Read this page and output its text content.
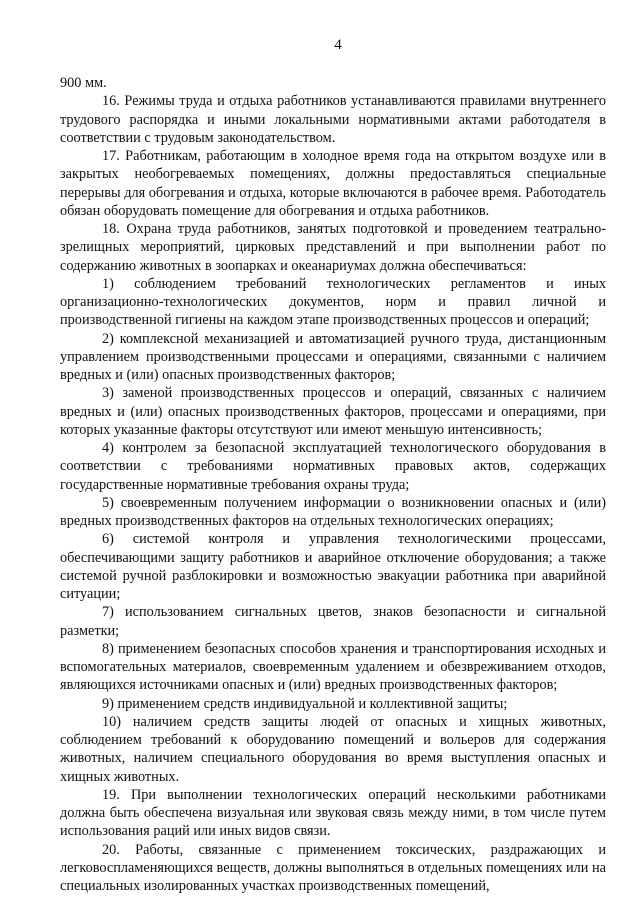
4

900 мм.

16. Режимы труда и отдыха работников устанавливаются правилами внутреннего трудового распорядка и иными локальными нормативными актами работодателя в соответствии с трудовым законодательством.

17. Работникам, работающим в холодное время года на открытом воздухе или в закрытых необогреваемых помещениях, должны предоставляться специальные перерывы для обогревания и отдыха, которые включаются в рабочее время. Работодатель обязан оборудовать помещение для обогревания и отдыха работников.

18. Охрана труда работников, занятых подготовкой и проведением театрально-зрелищных мероприятий, цирковых представлений и при выполнении работ по содержанию животных в зоопарках и океанариумах должна обеспечиваться:

1) соблюдением требований технологических регламентов и иных организационно-технологических документов, норм и правил личной и производственной гигиены на каждом этапе производственных процессов и операций;

2) комплексной механизацией и автоматизацией ручного труда, дистанционным управлением производственными процессами и операциями, связанными с наличием вредных и (или) опасных производственных факторов;

3) заменой производственных процессов и операций, связанных с наличием вредных и (или) опасных производственных факторов, процессами и операциями, при которых указанные факторы отсутствуют или имеют меньшую интенсивность;

4) контролем за безопасной эксплуатацией технологического оборудования в соответствии с требованиями нормативных правовых актов, содержащих государственные нормативные требования охраны труда;

5) своевременным получением информации о возникновении опасных и (или) вредных производственных факторов на отдельных технологических операциях;

6) системой контроля и управления технологическими процессами, обеспечивающими защиту работников и аварийное отключение оборудования; а также системой ручной разблокировки и возможностью эвакуации работника при аварийной ситуации;

7) использованием сигнальных цветов, знаков безопасности и сигнальной разметки;

8) применением безопасных способов хранения и транспортирования исходных и вспомогательных материалов, своевременным удалением и обезвреживанием отходов, являющихся источниками опасных и (или) вредных производственных факторов;

9) применением средств индивидуальной и коллективной защиты;

10) наличием средств защиты людей от опасных и хищных животных, соблюдением требований к оборудованию помещений и вольеров для содержания животных, наличием специального оборудования во время выступления опасных и хищных животных.

19. При выполнении технологических операций несколькими работниками должна быть обеспечена визуальная или звуковая связь между ними, в том числе путем использования раций или иных видов связи.

20. Работы, связанные с применением токсических, раздражающих и легковоспламеняющихся веществ, должны выполняться в отдельных помещениях или на специальных изолированных участках производственных помещений,
